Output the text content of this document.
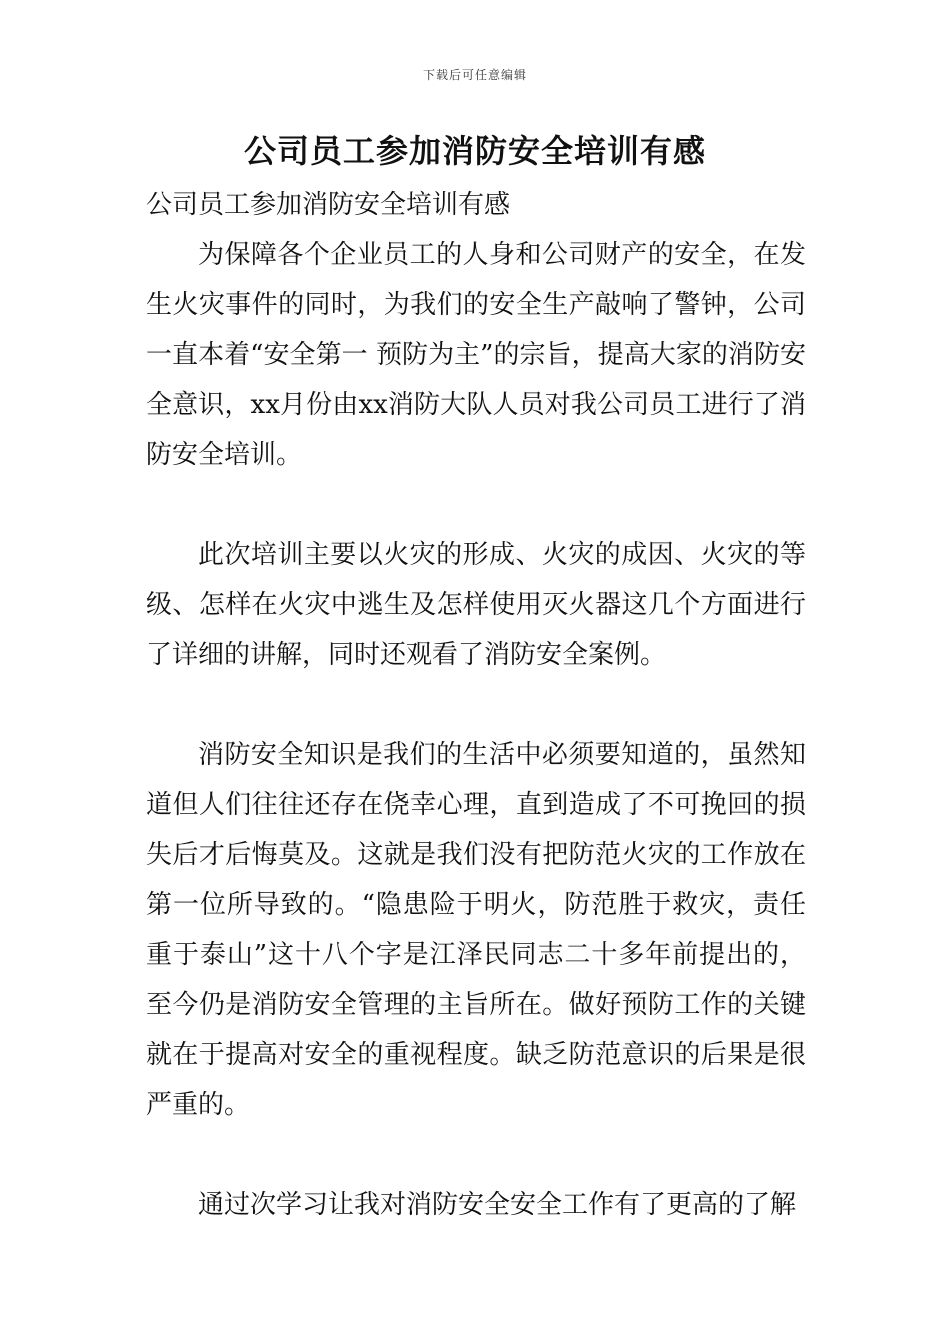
下载后可任意编辑
公司员工参加消防安全培训有感

公司员工参加消防安全培训有感

为保障各个企业员工的人身和公司财产的安全，在发生火灾事件的同时，为我们的安全生产敲响了警钟，公司一直本着“安全第一 预防为主”的宗旨，提高大家的消防安全意识，xx月份由xx消防大队人员对我公司员工进行了消防安全培训。

此次培训主要以火灾的形成、火灾的成因、火灾的等级、怎样在火灾中逃生及怎样使用灭火器这几个方面进行了详细的讲解，同时还观看了消防安全案例。

消防安全知识是我们的生活中必须要知道的，虽然知道但人们往往还存在侥幸心理，直到造成了不可挽回的损失后才后悔莫及。这就是我们没有把防范火灾的工作放在第一位所导致的。“隐患险于明火，防范胜于救灾，责任重于泰山”这十八个字是江泽民同志二十多年前提出的，至今仍是消防安全管理的主旨所在。做好预防工作的关键就在于提高对安全的重视程度。缺乏防范意识的后果是很严重的。

通过次学习让我对消防安全安全工作有了更高的了解
